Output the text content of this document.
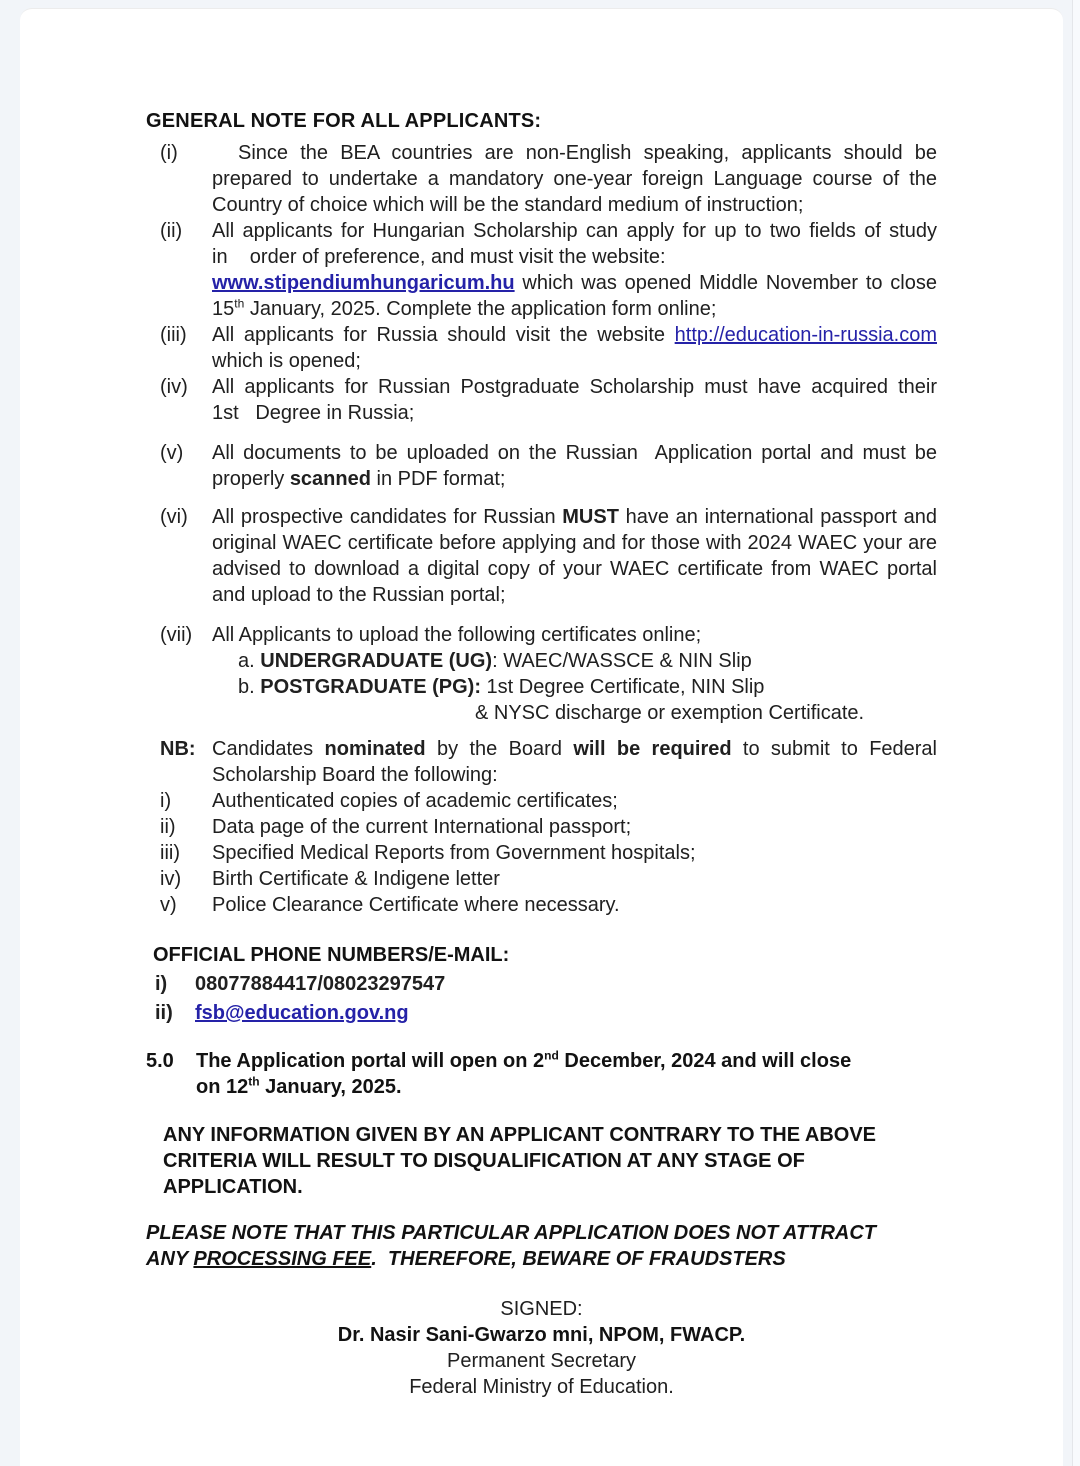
GENERAL NOTE FOR ALL APPLICANTS:
(i)	Since the BEA countries are non-English speaking, applicants should be prepared to undertake a mandatory one-year foreign Language course of the Country of choice which will be the standard medium of instruction;
(ii)	All applicants for Hungarian Scholarship can apply for up to two fields of study in    order of preference, and must visit the website:
www.stipendiumhungaricum.hu which was opened Middle November to close 15th January, 2025. Complete the application form online;
(iii)	All applicants for Russia should visit the website http://education-in-russia.com which is opened;
(iv)	All applicants for Russian Postgraduate Scholarship must have acquired their 1st   Degree in Russia;
(v)	All documents to be uploaded on the Russian  Application portal and must be properly scanned in PDF format;
(vi)	All prospective candidates for Russian MUST have an international passport and original WAEC certificate before applying and for those with 2024 WAEC your are advised to download a digital copy of your WAEC certificate from WAEC portal and upload to the Russian portal;
(vii) All Applicants to upload the following certificates online;
a. UNDERGRADUATE (UG): WAEC/WASSCE & NIN Slip
b. POSTGRADUATE (PG): 1st Degree Certificate, NIN Slip
& NYSC discharge or exemption Certificate.
NB: Candidates nominated by the Board will be required to submit to Federal Scholarship Board the following:
i)	Authenticated copies of academic certificates;
ii)	Data page of the current International passport;
iii)	Specified Medical Reports from Government hospitals;
iv)	Birth Certificate & Indigene letter
v)	Police Clearance Certificate where necessary.
OFFICIAL PHONE NUMBERS/E-MAIL:
i)	08077884417/08023297547
ii)	fsb@education.gov.ng
5.0	The Application portal will open on 2nd December, 2024 and will close
on 12th January, 2025.
ANY INFORMATION GIVEN BY AN APPLICANT CONTRARY TO THE ABOVE
CRITERIA WILL RESULT TO DISQUALIFICATION AT ANY STAGE OF
APPLICATION.
PLEASE NOTE THAT THIS PARTICULAR APPLICATION DOES NOT ATTRACT
ANY PROCESSING FEE.  THEREFORE, BEWARE OF FRAUDSTERS
SIGNED:
Dr. Nasir Sani-Gwarzo mni, NPOM, FWACP.
Permanent Secretary
Federal Ministry of Education.
